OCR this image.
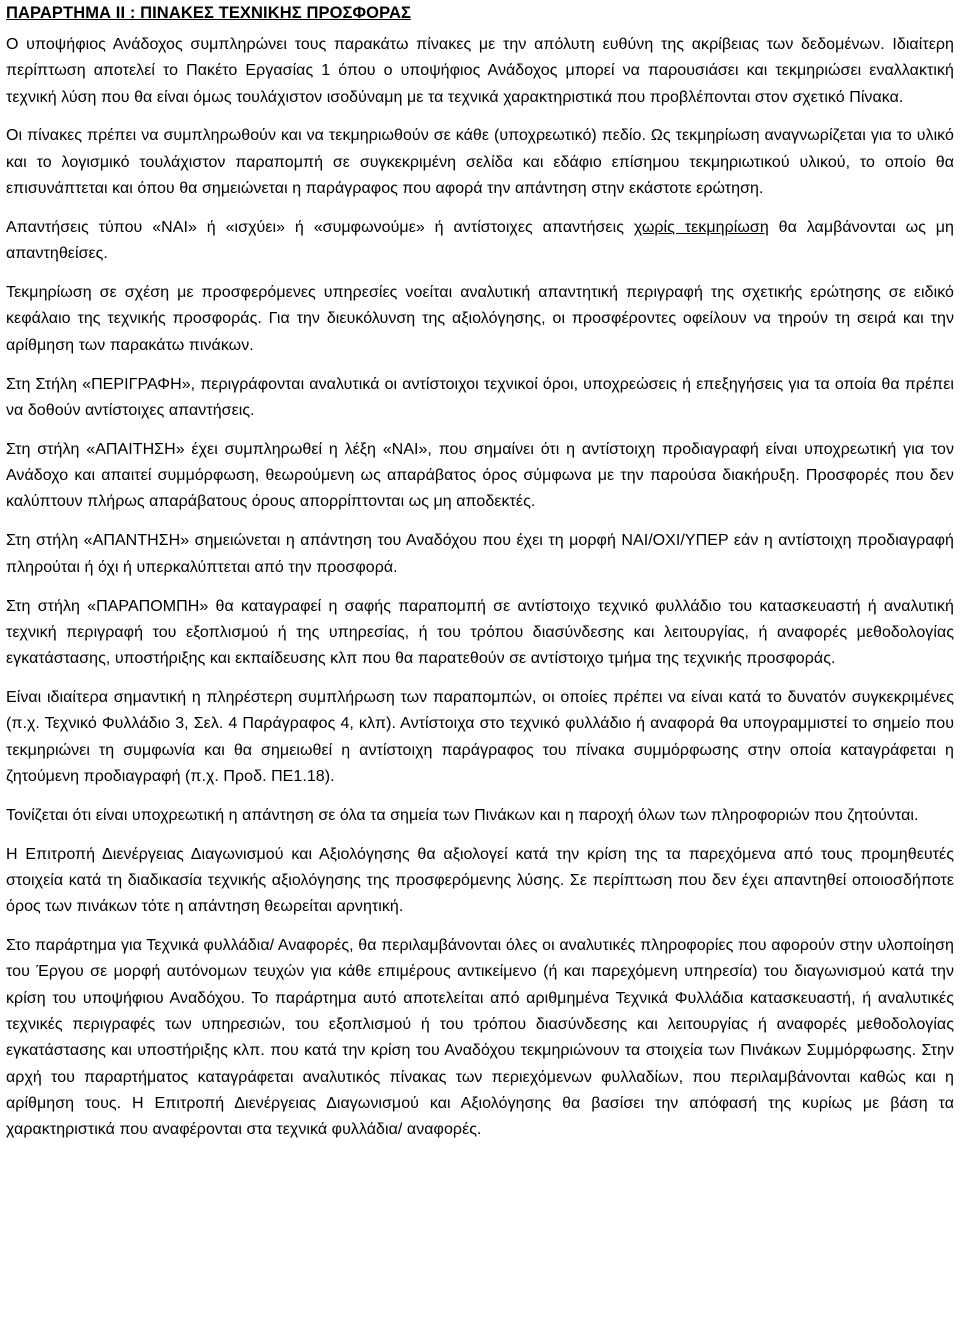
ΠΑΡΑΡΤΗΜΑ ΙΙ : ΠΙΝΑΚΕΣ ΤΕΧΝΙΚΗΣ ΠΡΟΣΦΟΡΑΣ

Ο υποψήφιος Ανάδοχος συμπληρώνει τους παρακάτω πίνακες με την απόλυτη ευθύνη της ακρίβειας των δεδομένων. Ιδιαίτερη περίπτωση αποτελεί το Πακέτο Εργασίας 1 όπου ο υποψήφιος Ανάδοχος μπορεί να παρουσιάσει και τεκμηριώσει εναλλακτική τεχνική λύση που θα είναι όμως τουλάχιστον ισοδύναμη με τα τεχνικά χαρακτηριστικά που προβλέπονται στον σχετικό Πίνακα.

Οι πίνακες πρέπει να συμπληρωθούν και να τεκμηριωθούν σε κάθε (υποχρεωτικό) πεδίο. Ως τεκμηρίωση αναγνωρίζεται για το υλικό και το λογισμικό τουλάχιστον παραπομπή σε συγκεκριμένη σελίδα και εδάφιο επίσημου τεκμηριωτικού υλικού, το οποίο θα επισυνάπτεται και όπου θα σημειώνεται η παράγραφος που αφορά την απάντηση στην εκάστοτε ερώτηση.

Απαντήσεις τύπου «ΝΑΙ» ή «ισχύει» ή «συμφωνούμε» ή αντίστοιχες απαντήσεις χωρίς τεκμηρίωση θα λαμβάνονται ως μη απαντηθείσες.

Τεκμηρίωση σε σχέση με προσφερόμενες υπηρεσίες νοείται αναλυτική απαντητική περιγραφή της σχετικής ερώτησης σε ειδικό κεφάλαιο της τεχνικής προσφοράς. Για την διευκόλυνση της αξιολόγησης, οι προσφέροντες οφείλουν να τηρούν τη σειρά και την αρίθμηση των παρακάτω πινάκων.

Στη Στήλη «ΠΕΡΙΓΡΑΦΗ», περιγράφονται αναλυτικά οι αντίστοιχοι τεχνικοί όροι, υποχρεώσεις ή επεξηγήσεις για τα οποία θα πρέπει να δοθούν αντίστοιχες απαντήσεις.

Στη στήλη «ΑΠΑΙΤΗΣΗ» έχει συμπληρωθεί η λέξη «ΝΑΙ», που σημαίνει ότι η αντίστοιχη προδιαγραφή είναι υποχρεωτική για τον Ανάδοχο και απαιτεί συμμόρφωση, θεωρούμενη ως απαράβατος όρος σύμφωνα με την παρούσα διακήρυξη. Προσφορές που δεν καλύπτουν πλήρως απαράβατους όρους απορρίπτονται ως μη αποδεκτές.

Στη στήλη «ΑΠΑΝΤΗΣΗ» σημειώνεται η απάντηση του Αναδόχου που έχει τη μορφή ΝΑΙ/ΟΧΙ/ΥΠΕΡ εάν η αντίστοιχη προδιαγραφή πληρούται ή όχι ή υπερκαλύπτεται από την προσφορά.

Στη στήλη «ΠΑΡΑΠΟΜΠΗ» θα καταγραφεί η σαφής παραπομπή σε αντίστοιχο τεχνικό φυλλάδιο του κατασκευαστή ή αναλυτική τεχνική περιγραφή του εξοπλισμού ή της υπηρεσίας, ή του τρόπου διασύνδεσης και λειτουργίας, ή αναφορές μεθοδολογίας εγκατάστασης, υποστήριξης και εκπαίδευσης κλπ που θα παρατεθούν σε αντίστοιχο τμήμα της τεχνικής προσφοράς.

Είναι ιδιαίτερα σημαντική η πληρέστερη συμπλήρωση των παραπομπών, οι οποίες πρέπει να είναι κατά το δυνατόν συγκεκριμένες (π.χ. Τεχνικό Φυλλάδιο 3, Σελ. 4 Παράγραφος 4, κλπ). Αντίστοιχα στο τεχνικό φυλλάδιο ή αναφορά θα υπογραμμιστεί το σημείο που τεκμηριώνει τη συμφωνία και θα σημειωθεί η αντίστοιχη παράγραφος του πίνακα συμμόρφωσης στην οποία καταγράφεται η ζητούμενη προδιαγραφή (π.χ. Προδ. ΠΕ1.18).

Τονίζεται ότι είναι υποχρεωτική η απάντηση σε όλα τα σημεία των Πινάκων και η παροχή όλων των πληροφοριών που ζητούνται.

Η Επιτροπή Διενέργειας Διαγωνισμού και Αξιολόγησης θα αξιολογεί κατά την κρίση της τα παρεχόμενα από τους προμηθευτές στοιχεία κατά τη διαδικασία τεχνικής αξιολόγησης της προσφερόμενης λύσης. Σε περίπτωση που δεν έχει απαντηθεί οποιοσδήποτε όρος των πινάκων τότε η απάντηση θεωρείται αρνητική.

Στο παράρτημα για Τεχνικά φυλλάδια/ Αναφορές, θα περιλαμβάνονται όλες οι αναλυτικές πληροφορίες που αφορούν στην υλοποίηση του Έργου σε μορφή αυτόνομων τευχών για κάθε επιμέρους αντικείμενο (ή και παρεχόμενη υπηρεσία) του διαγωνισμού κατά την κρίση του υποψήφιου Αναδόχου. Το παράρτημα αυτό αποτελείται από αριθμημένα Τεχνικά Φυλλάδια κατασκευαστή, ή αναλυτικές τεχνικές περιγραφές των υπηρεσιών, του εξοπλισμού ή του τρόπου διασύνδεσης και λειτουργίας ή αναφορές μεθοδολογίας εγκατάστασης και υποστήριξης κλπ. που κατά την κρίση του Αναδόχου τεκμηριώνουν τα στοιχεία των Πινάκων Συμμόρφωσης. Στην αρχή του παραρτήματος καταγράφεται αναλυτικός πίνακας των περιεχόμενων φυλλαδίων, που περιλαμβάνονται καθώς και η αρίθμηση τους. Η Επιτροπή Διενέργειας Διαγωνισμού και Αξιολόγησης θα βασίσει την απόφασή της κυρίως με βάση τα χαρακτηριστικά που αναφέρονται στα τεχνικά φυλλάδια/ αναφορές.
